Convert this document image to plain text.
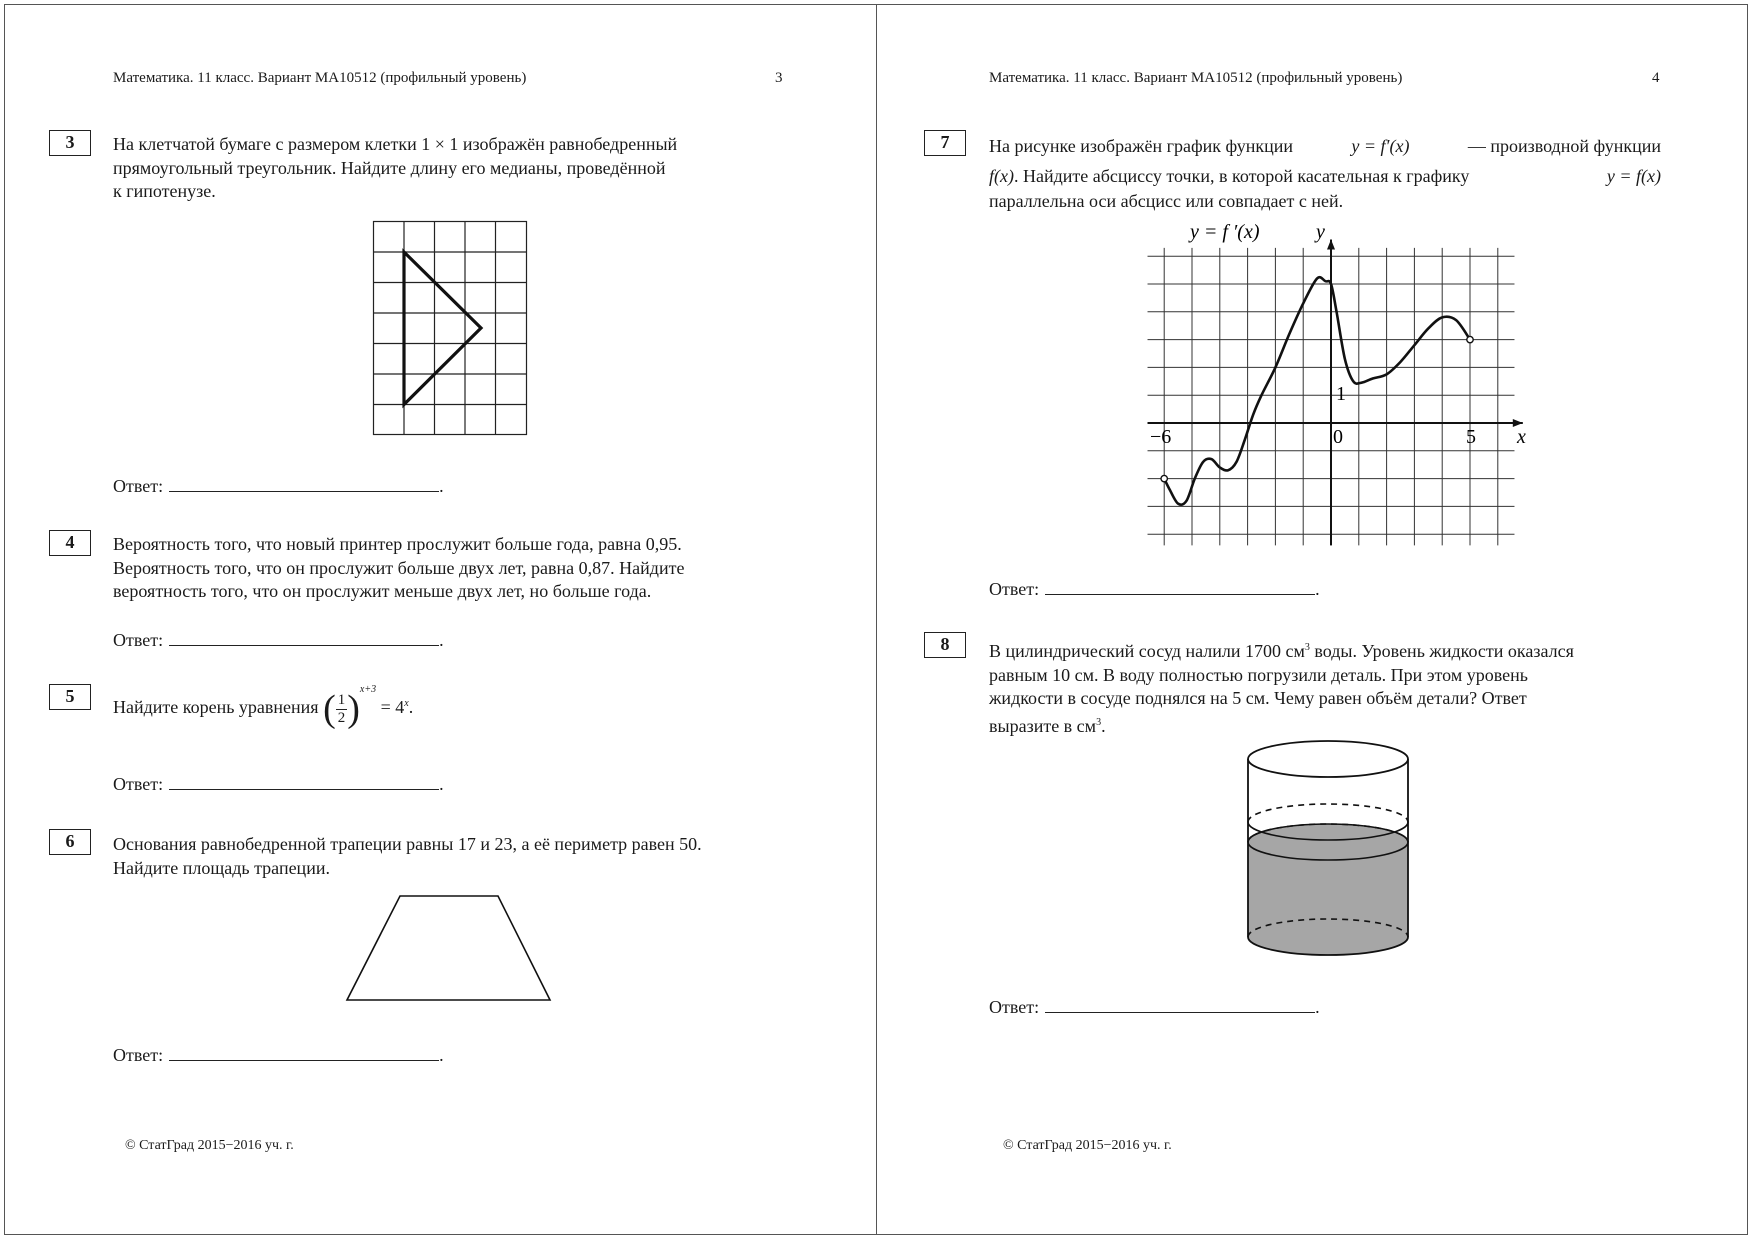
Математика. 11 класс. Вариант МА10512 (профильный уровень)	3
3	На клетчатой бумаге с размером клетки 1 × 1 изображён равнобедренный
прямоугольный треугольник. Найдите длину его медианы, проведённой
к гипотенузе.
Ответ:	.
4	Вероятность того, что новый принтер прослужит больше года, равна 0,95.
Вероятность того, что он прослужит больше двух лет, равна 0,87. Найдите
вероятность того, что он прослужит меньше двух лет, но больше года.
Ответ:	.
5
Найдите корень уравнения ( $\frac{1}{2} )^{x+3} = 4^x$.
Ответ:	.
6	Основания равнобедренной трапеции равны 17 и 23, а её периметр равен 50.
Найдите площадь трапеции.
Ответ:	.
© СтатГрад 2015−2016 уч. г.
Математика. 11 класс. Вариант МА10512 (профильный уровень)	4
7	На рисунке изображён график функции	y = f′(x)	— производной функции
f(x). Найдите абсциссу точки, в которой касательная к графику	y = f(x)
параллельна оси абсцисс или совпадает с ней.
y = f ′(x)	y
x
−6	0	5
1
Ответ:	.
8	В цилиндрический сосуд налили 1700 $см^3$ воды. Уровень жидкости оказался
равным 10 см. В воду полностью погрузили деталь. При этом уровень
жидкости в сосуде поднялся на 5 см. Чему равен объём детали? Ответ
выразите в $см^3$.
Ответ:	.
© СтатГрад 2015−2016 уч. г.
